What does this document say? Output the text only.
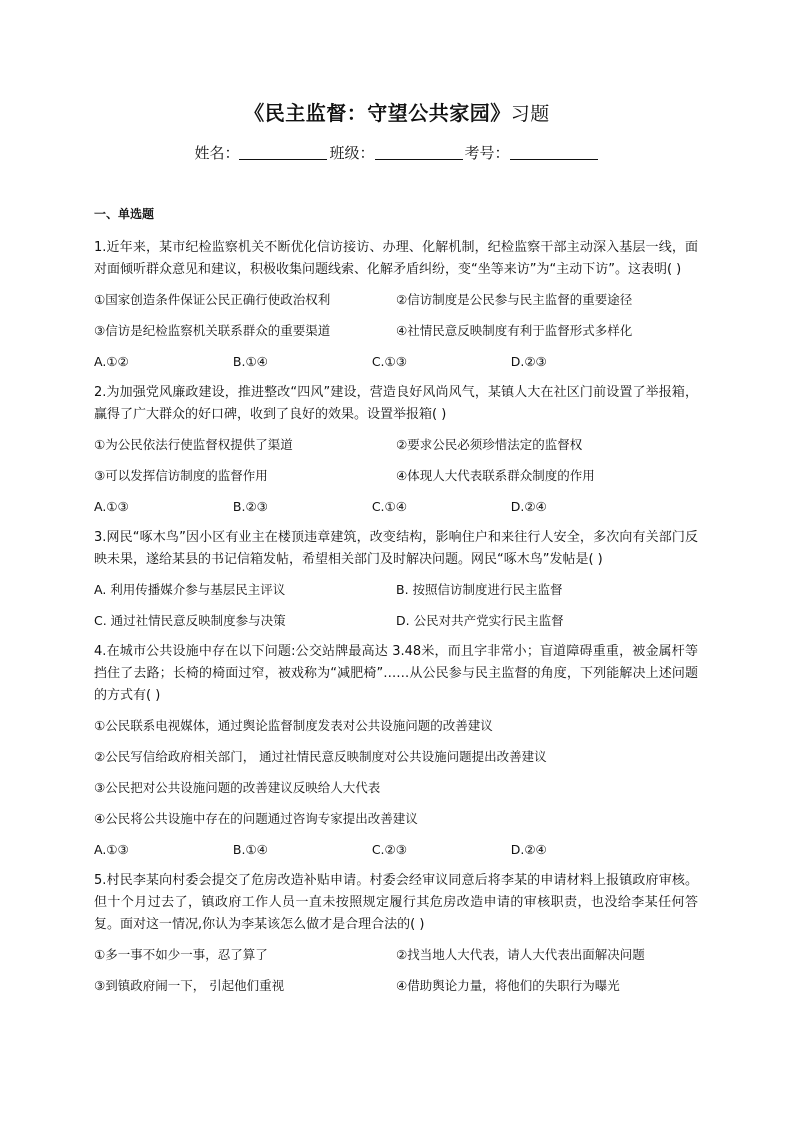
《民主监督：守望公共家园》习题
姓名：	班级：	考号：
一、单选题
1.近年来，某市纪检监察机关不断优化信访接访、办理、化解机制，纪检监察干部主动深入基层一线，面对面倾听群众意见和建议，积极收集问题线索、化解矛盾纠纷，变“坐等来访”为“主动下访”。这表明( )
①国家创造条件保证公民正确行使政治权利	②信访制度是公民参与民主监督的重要途径
③信访是纪检监察机关联系群众的重要渠道	④社情民意反映制度有利于监督形式多样化
A.①②	B.①④	C.①③	D.②③
2.为加强党风廉政建设，推进整改“四风”建设，营造良好风尚风气，某镇人大在社区门前设置了举报箱，赢得了广大群众的好口碑，收到了良好的效果。设置举报箱( )
①为公民依法行使监督权提供了渠道	②要求公民必须珍惜法定的监督权
③可以发挥信访制度的监督作用	④体现人大代表联系群众制度的作用
A.①③	B.②③	C.①④	D.②④
3.网民“啄木鸟”因小区有业主在楼顶违章建筑，改变结构，影响住户和来往行人安全，多次向有关部门反映未果，遂给某县的书记信箱发帖，希望相关部门及时解决问题。网民“啄木鸟”发帖是( )
A. 利用传播媒介参与基层民主评议	B. 按照信访制度进行民主监督
C. 通过社情民意反映制度参与决策	D. 公民对共产党实行民主监督
4.在城市公共设施中存在以下问题:公交站牌最高达 3.48米，而且字非常小；盲道障碍重重，被金属杆等挡住了去路；长椅的椅面过窄，被戏称为“减肥椅”……从公民参与民主监督的角度，下列能解决上述问题的方式有( )
①公民联系电视媒体，通过舆论监督制度发表对公共设施问题的改善建议
②公民写信给政府相关部门， 通过社情民意反映制度对公共设施问题提出改善建议
③公民把对公共设施问题的改善建议反映给人大代表
④公民将公共设施中存在的问题通过咨询专家提出改善建议
A.①③	B.①④	C.②③	D.②④
5.村民李某向村委会提交了危房改造补贴申请。村委会经审议同意后将李某的申请材料上报镇政府审核。但十个月过去了，镇政府工作人员一直未按照规定履行其危房改造申请的审核职责，也没给李某任何答复。面对这一情况,你认为李某该怎么做才是合理合法的( )
①多一事不如少一事，忍了算了	②找当地人大代表，请人大代表出面解决问题
③到镇政府闹一下， 引起他们重视	④借助舆论力量，将他们的失职行为曝光
